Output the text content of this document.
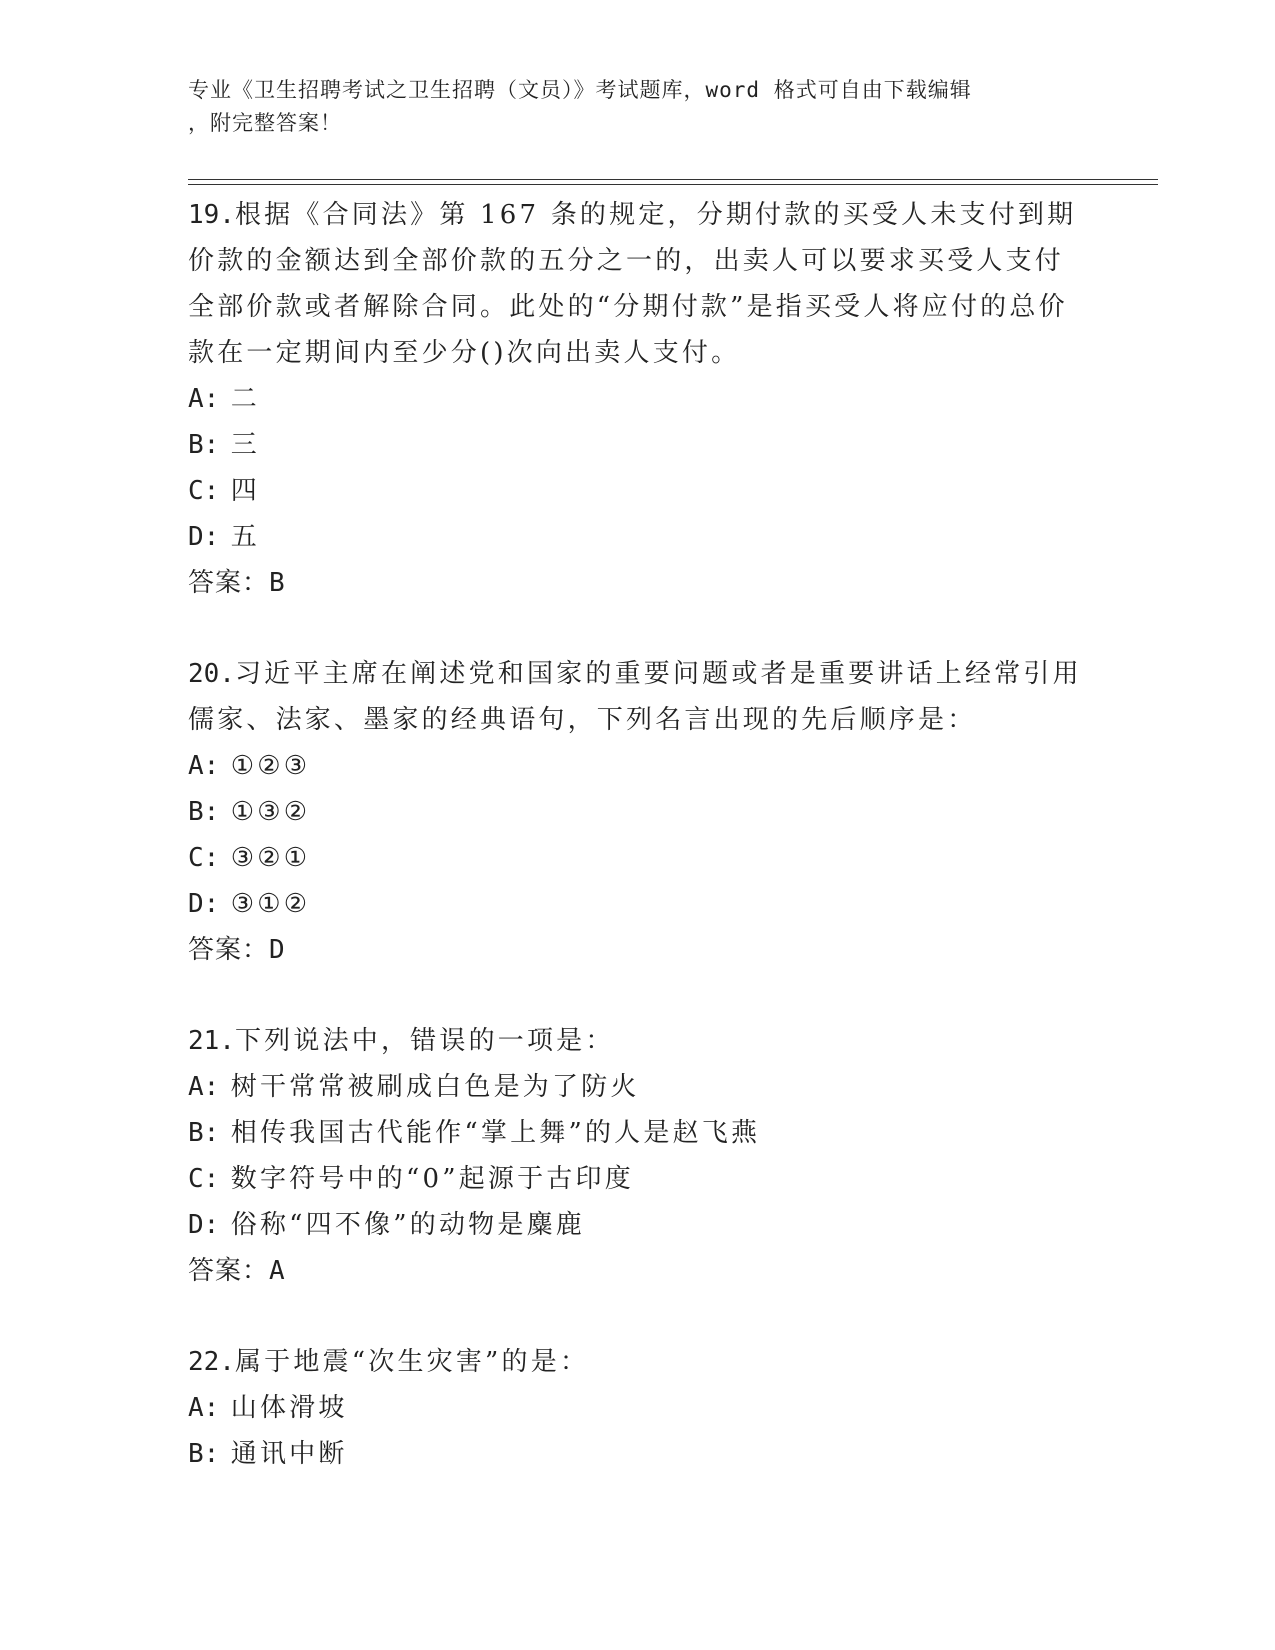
专业《卫生招聘考试之卫生招聘（文员）》考试题库，word 格式可自由下载编辑
，附完整答案！

19.根据《合同法》第 167 条的规定，分期付款的买受人未支付到期价款的金额达到全部价款的五分之一的，出卖人可以要求买受人支付全部价款或者解除合同。此处的“分期付款”是指买受人将应付的总价款在一定期间内至少分()次向出卖人支付。

A: 二

B: 三

C: 四

D: 五

答案：B

20.习近平主席在阐述党和国家的重要问题或者是重要讲话上经常引用儒家、法家、墨家的经典语句，下列名言出现的先后顺序是：

A: ①②③

B: ①③②

C: ③②①

D: ③①②

答案：D

21.下列说法中，错误的一项是：

A: 树干常常被刷成白色是为了防火

B: 相传我国古代能作“掌上舞”的人是赵飞燕

C: 数字符号中的“0”起源于古印度

D: 俗称“四不像”的动物是麋鹿

答案：A

22.属于地震“次生灾害”的是：

A: 山体滑坡

B: 通讯中断
